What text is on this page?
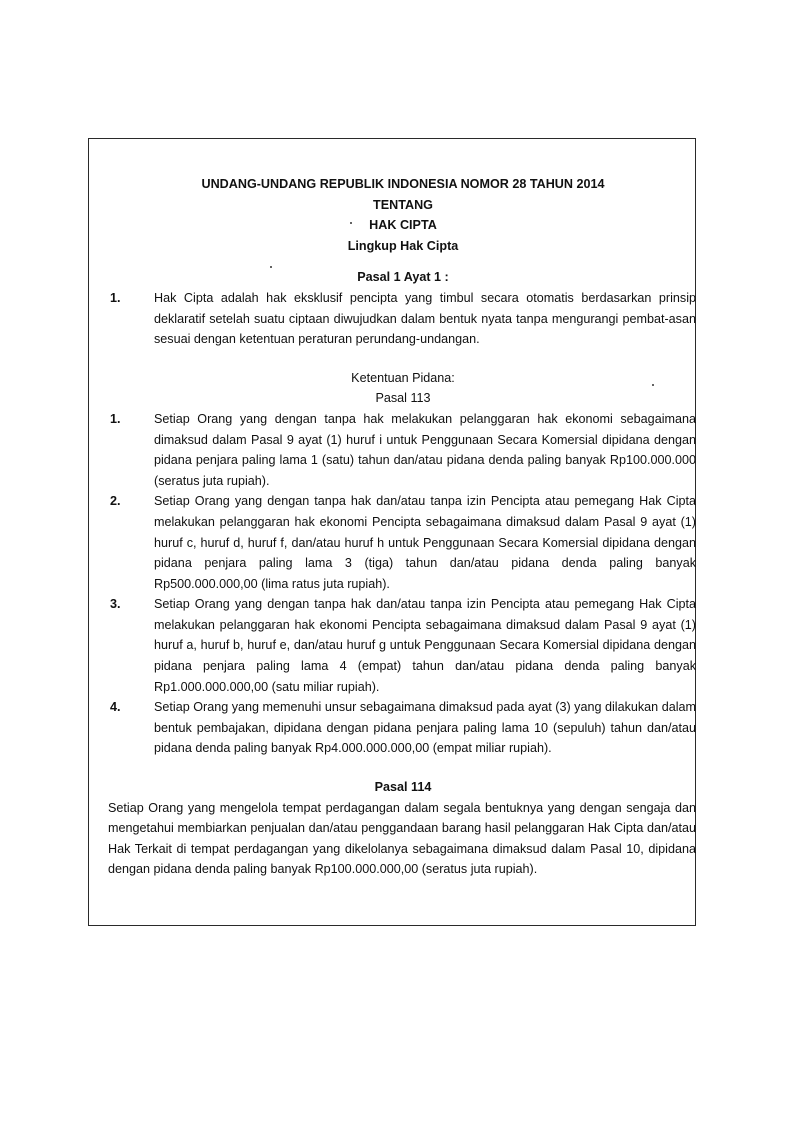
UNDANG-UNDANG REPUBLIK INDONESIA NOMOR 28 TAHUN 2014

TENTANG

HAK CIPTA

Lingkup Hak Cipta

Pasal 1 Ayat 1 :

1.	Hak Cipta adalah hak eksklusif pencipta yang timbul secara otomatis berdasarkan prinsip deklaratif setelah suatu ciptaan diwujudkan dalam bentuk nyata tanpa mengurangi pembat-asan sesuai dengan ketentuan peraturan perundang-undangan.

Ketentuan Pidana:

Pasal 113

1.	Setiap Orang yang dengan tanpa hak melakukan pelanggaran hak ekonomi sebagaimana dimaksud dalam Pasal 9 ayat (1) huruf i untuk Penggunaan Secara Komersial dipidana dengan pidana penjara paling lama 1 (satu) tahun dan/atau pidana denda paling banyak Rp100.000.000 (seratus juta rupiah).

2.	Setiap Orang yang dengan tanpa hak dan/atau tanpa izin Pencipta atau pemegang Hak Cipta melakukan pelanggaran hak ekonomi Pencipta sebagaimana dimaksud dalam Pasal 9 ayat (1) huruf c, huruf d, huruf f, dan/atau huruf h untuk Penggunaan Secara Komersial dipidana dengan pidana penjara paling lama 3 (tiga) tahun dan/atau pidana denda paling banyak Rp500.000.000,00 (lima ratus juta rupiah).

3.	Setiap Orang yang dengan tanpa hak dan/atau tanpa izin Pencipta atau pemegang Hak Cipta melakukan pelanggaran hak ekonomi Pencipta sebagaimana dimaksud dalam Pasal 9 ayat (1) huruf a, huruf b, huruf e, dan/atau huruf g untuk Penggunaan Secara Komersial dipidana dengan pidana penjara paling lama 4 (empat) tahun dan/atau pidana denda paling banyak Rp1.000.000.000,00 (satu miliar rupiah).

4.	Setiap Orang yang memenuhi unsur sebagaimana dimaksud pada ayat (3) yang dilakukan dalam bentuk pembajakan, dipidana dengan pidana penjara paling lama 10 (sepuluh) tahun dan/atau pidana denda paling banyak Rp4.000.000.000,00 (empat miliar rupiah).

Pasal 114

Setiap Orang yang mengelola tempat perdagangan dalam segala bentuknya yang dengan sengaja dan mengetahui membiarkan penjualan dan/atau penggandaan barang hasil pelanggaran Hak Cipta dan/atau Hak Terkait di tempat perdagangan yang dikelolanya sebagaimana dimaksud dalam Pasal 10, dipidana dengan pidana denda paling banyak Rp100.000.000,00 (seratus juta rupiah).
